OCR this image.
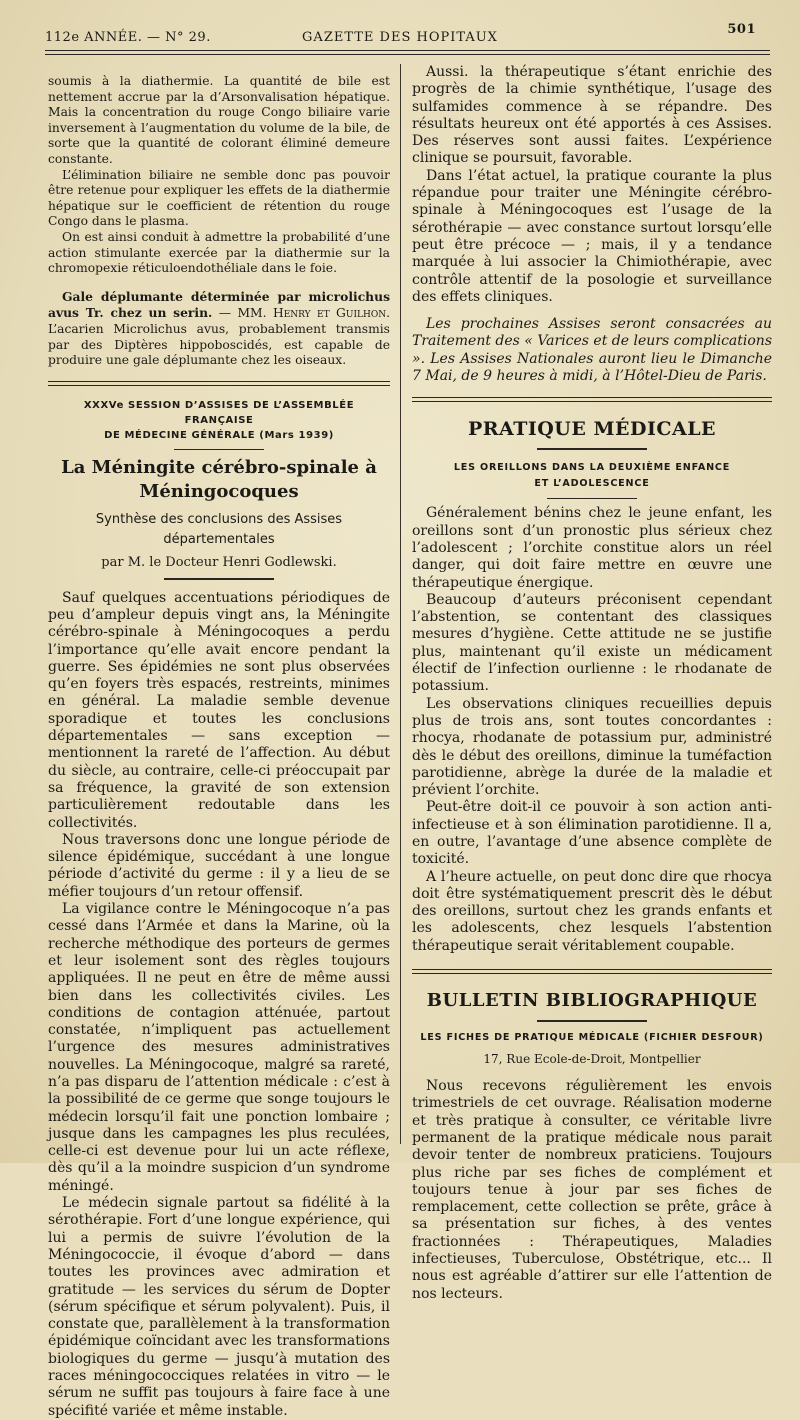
112e ANNÉE. — N° 29.	GAZETTE DES HOPITAUX
501

soumis à la diathermie. La quantité de bile est nettement accrue par la d’Arsonvalisation hépatique. Mais la concentration du rouge Congo biliaire varie inversement à l’augmentation du volume de la bile, de sorte que la quantité de colorant éliminé demeure constante.

L’élimination biliaire ne semble donc pas pouvoir être retenue pour expliquer les effets de la diathermie hépatique sur le coefficient de rétention du rouge Congo dans le plasma.

On est ainsi conduit à admettre la probabilité d’une action stimulante exercée par la diathermie sur la chromopexie réticuloendothéliale dans le foie.

Gale déplumante déterminée par microlichus avus Tr. chez un serin. — MM. Henry et Guilhon. L’acarien Microlichus avus, probablement transmis par des Diptères hippoboscidés, est capable de produire une gale déplumante chez les oiseaux.

XXXVe SESSION D’ASSISES DE L’ASSEMBLÉE FRANÇAISE
DE MÉDECINE GÉNÉRALE (Mars 1939)
La Méningite cérébro-spinale à Méningocoques
Synthèse des conclusions des Assises départementales
par M. le Docteur Henri Godlewski.

Sauf quelques accentuations périodiques de peu d’ampleur depuis vingt ans, la Méningite cérébro-spinale à Méningocoques a perdu l’importance qu’elle avait encore pendant la guerre. Ses épidémies ne sont plus observées qu’en foyers très espacés, restreints, minimes en général. La maladie semble devenue sporadique et toutes les conclusions départementales — sans exception — mentionnent la rareté de l’affection. Au début du siècle, au contraire, celle-ci préoccupait par sa fréquence, la gravité de son extension particulièrement redoutable dans les collectivités.

Nous traversons donc une longue période de silence épidémique, succédant à une longue période d’activité du germe : il y a lieu de se méfier toujours d’un retour offensif.

La vigilance contre le Méningocoque n’a pas cessé dans l’Armée et dans la Marine, où la recherche méthodique des porteurs de germes et leur isolement sont des règles toujours appliquées. Il ne peut en être de même aussi bien dans les collectivités civiles. Les conditions de contagion atténuée, partout constatée, n’impliquent pas actuellement l’urgence des mesures administratives nouvelles. La Méningocoque, malgré sa rareté, n’a pas disparu de l’attention médicale : c’est à la possibilité de ce germe que songe toujours le médecin lorsqu’il fait une ponction lombaire ; jusque dans les campagnes les plus reculées, celle-ci est devenue pour lui un acte réflexe, dès qu’il a la moindre suspicion d’un syndrome méningé.

Le médecin signale partout sa fidélité à la sérothérapie. Fort d’une longue expérience, qui lui a permis de suivre l’évolution de la Méningococcie, il évoque d’abord — dans toutes les provinces avec admiration et gratitude — les services du sérum de Dopter (sérum spécifique et sérum polyvalent). Puis, il constate que, parallèlement à la transformation épidémique coïncidant avec les transformations biologiques du germe — jusqu’à mutation des races méningococciques relatées in vitro — le sérum ne suffit pas toujours à faire face à une spécifité variée et même instable.

Aussi. la thérapeutique s’étant enrichie des progrès de la chimie synthétique, l’usage des sulfamides commence à se répandre. Des résultats heureux ont été apportés à ces Assises. Des réserves sont aussi faites. L’expérience clinique se poursuit, favorable.

Dans l’état actuel, la pratique courante la plus répandue pour traiter une Méningite cérébro-spinale à Méningocoques est l’usage de la sérothérapie — avec constance surtout lorsqu’elle peut être précoce — ; mais, il y a tendance marquée à lui associer la Chimiothérapie, avec contrôle attentif de la posologie et surveillance des effets cliniques.

Les prochaines Assises seront consacrées au Traitement des « Varices et de leurs complications ». Les Assises Nationales auront lieu le Dimanche 7 Mai, de 9 heures à midi, à l’Hôtel-Dieu de Paris.

PRATIQUE MÉDICALE
LES OREILLONS DANS LA DEUXIÈME ENFANCE
ET L’ADOLESCENCE

Généralement bénins chez le jeune enfant, les oreillons sont d’un pronostic plus sérieux chez l’adolescent ; l’orchite constitue alors un réel danger, qui doit faire mettre en œuvre une thérapeutique énergique.

Beaucoup d’auteurs préconisent cependant l’abstention, se contentant des classiques mesures d’hygiène. Cette attitude ne se justifie plus, maintenant qu’il existe un médicament électif de l’infection ourlienne : le rhodanate de potassium.

Les observations cliniques recueillies depuis plus de trois ans, sont toutes concordantes : rhocya, rhodanate de potassium pur, administré dès le début des oreillons, diminue la tuméfaction parotidienne, abrège la durée de la maladie et prévient l’orchite.

Peut-être doit-il ce pouvoir à son action anti-infectieuse et à son élimination parotidienne. Il a, en outre, l’avantage d’une absence complète de toxicité.

A l’heure actuelle, on peut donc dire que rhocya doit être systématiquement prescrit dès le début des oreillons, surtout chez les grands enfants et les adolescents, chez lesquels l’abstention thérapeutique serait véritablement coupable.

BULLETIN BIBLIOGRAPHIQUE
LES FICHES DE PRATIQUE MÉDICALE (FICHIER DESFOUR)
17, Rue Ecole-de-Droit, Montpellier

Nous recevons régulièrement les envois trimestriels de cet ouvrage. Réalisation moderne et très pratique à consulter, ce véritable livre permanent de la pratique médicale nous parait devoir tenter de nombreux praticiens. Toujours plus riche par ses fiches de complément et toujours tenue à jour par ses fiches de remplacement, cette collection se prête, grâce à sa présentation sur fiches, à des ventes fractionnées : Thérapeutiques, Maladies infectieuses, Tuberculose, Obstétrique, etc... Il nous est agréable d’attirer sur elle l’attention de nos lecteurs.
